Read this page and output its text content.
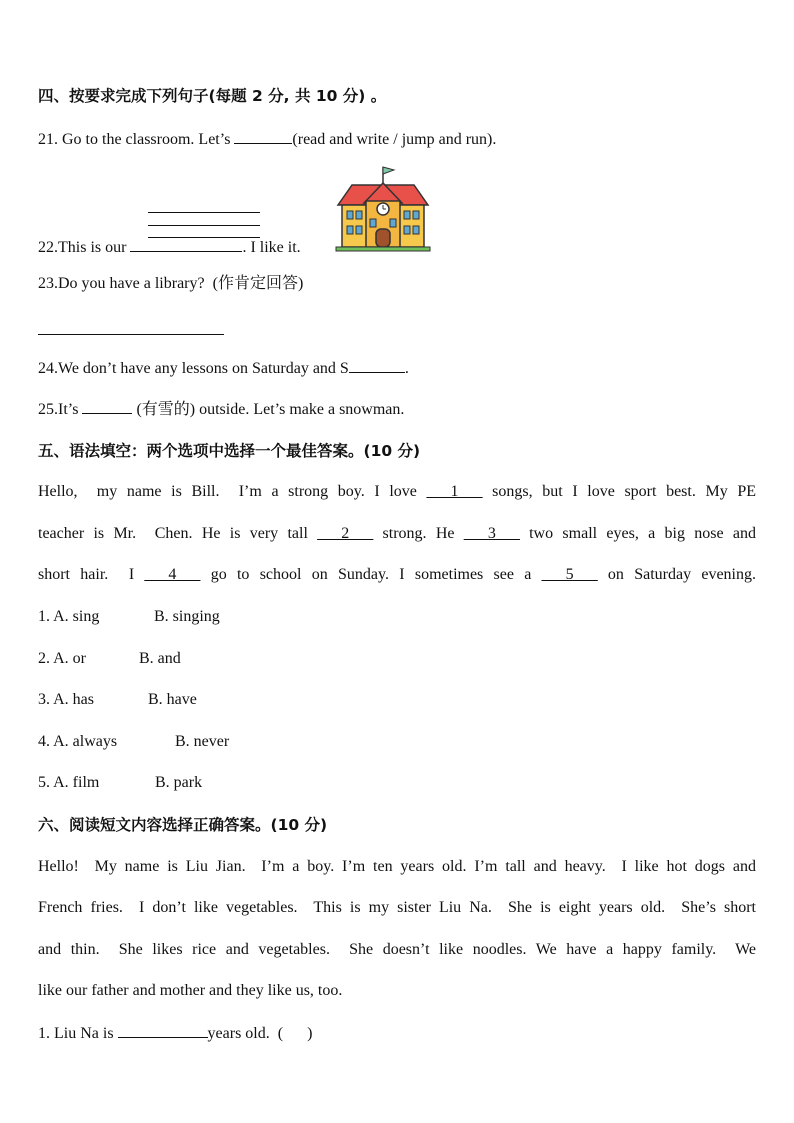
四、按要求完成下列句子(每题 2 分, 共 10 分) 。
21. Go to the classroom. Let’s	(read and write / jump and run).
22.This is our	. I like it.
23.Do you have a library?  (作肯定回答)
24.We don’t have any lessons on Saturday and S	.
25.It’s	(有雪的) outside. Let’s make a snowman.
五、语法填空：两个选项中选择一个最佳答案。(10 分)
Hello,  my name is Bill.  I’m a strong boy. I love ___1___ songs, but I love sport best. My PE
teacher is Mr.  Chen. He is very tall ___2___ strong. He ___3___ two small eyes, a big nose and
short hair.  I ___4___ go to school on Sunday. I sometimes see a ___5___ on Saturday evening.
1. A. sing	B. singing
2. A. or	B. and
3. A. has	B. have
4. A. always	B. never
5. A. film	B. park
六、阅读短文内容选择正确答案。(10 分)
Hello!  My name is Liu Jian.  I’m a boy. I’m ten years old. I’m tall and heavy.  I like hot dogs and
French fries.  I don’t like vegetables.  This is my sister Liu Na.  She is eight years old.  She’s short
and thin.  She likes rice and vegetables.  She doesn’t like noodles. We have a happy family.  We
like our father and mother and they like us, too.
1. Liu Na is	years old.  (      )
